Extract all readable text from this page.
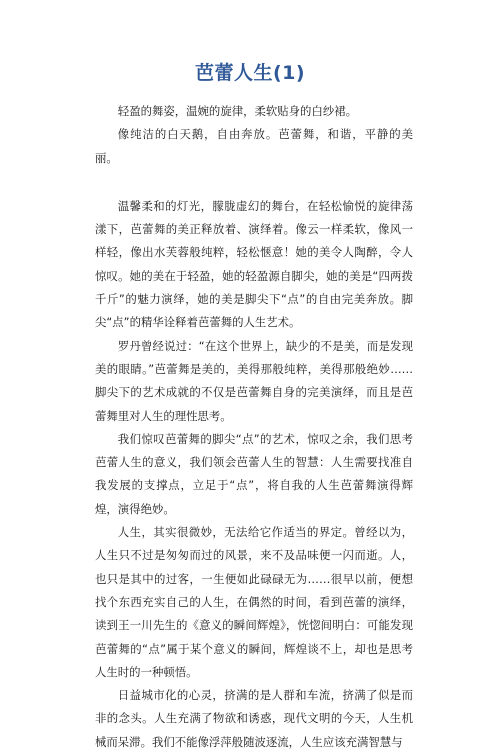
芭蕾人生(1)

轻盈的舞姿，温婉的旋律，柔软贴身的白纱裙。

像纯洁的白天鹅，自由奔放。芭蕾舞，和谐，平静的美丽。

温馨柔和的灯光，朦胧虚幻的舞台，在轻松愉悦的旋律荡漾下，芭蕾舞的美正释放着、演绎着。像云一样柔软，像风一样轻，像出水芙蓉般纯粹，轻松惬意！她的美令人陶醉，令人惊叹。她的美在于轻盈，她的轻盈源自脚尖，她的美是“四两拨千斤”的魅力演绎，她的美是脚尖下“点”的自由完美奔放。脚尖“点”的精华诠释着芭蕾舞的人生艺术。

罗丹曾经说过：“在这个世界上，缺少的不是美，而是发现美的眼睛。”芭蕾舞是美的，美得那般纯粹，美得那般绝妙……脚尖下的艺术成就的不仅是芭蕾舞自身的完美演绎，而且是芭蕾舞里对人生的理性思考。

我们惊叹芭蕾舞的脚尖“点”的艺术，惊叹之余，我们思考芭蕾人生的意义，我们领会芭蕾人生的智慧：人生需要找准自我发展的支撑点，立足于“点”，将自我的人生芭蕾舞演得辉煌，演得绝妙。

人生，其实很微妙，无法给它作适当的界定。曾经以为，人生只不过是匆匆而过的风景，来不及品味便一闪而逝。人，也只是其中的过客，一生便如此碌碌无为……很早以前，便想找个东西充实自己的人生，在偶然的时间，看到芭蕾的演绎，读到王一川先生的《意义的瞬间辉煌》，恍惚间明白：可能发现芭蕾舞的“点”属于某个意义的瞬间，辉煌谈不上，却也是思考人生时的一种顿悟。

日益城市化的心灵，挤满的是人群和车流，挤满了似是而非的念头。人生充满了物欲和诱惑，现代文明的今天，人生机械而呆滞。我们不能像浮萍般随波逐流，人生应该充满智慧与
